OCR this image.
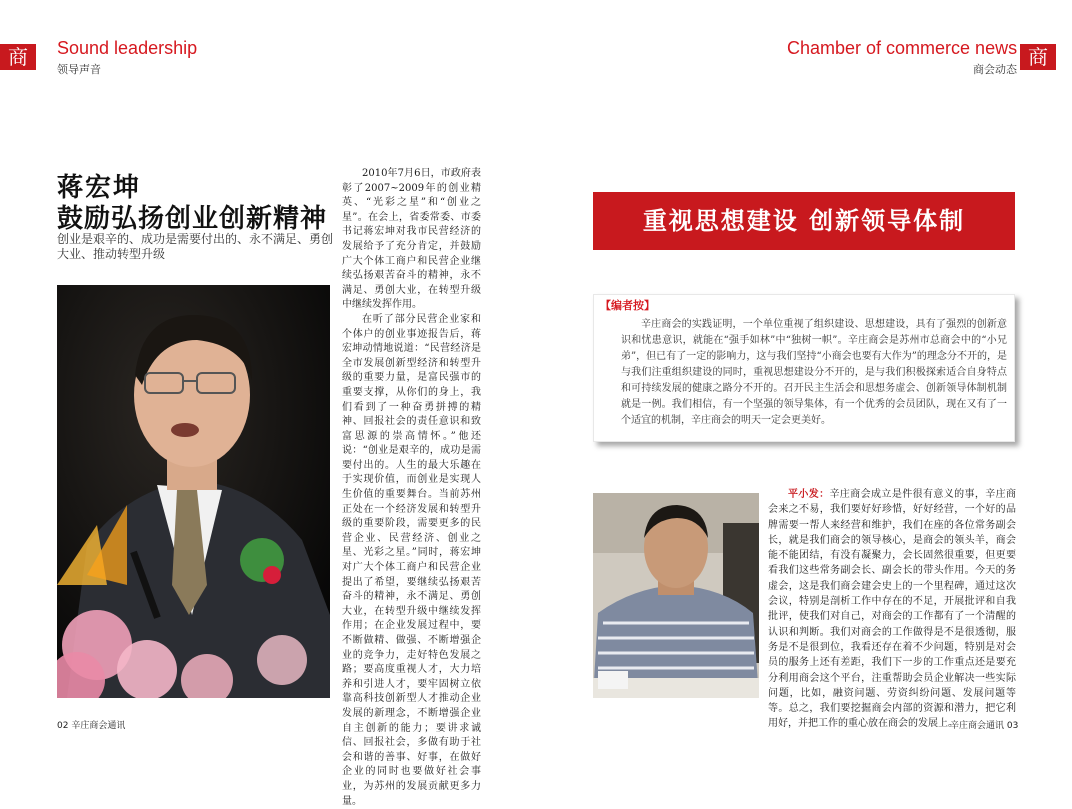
商	Sound leadership
领导声音
Chamber of commerce news
商会动态
商
蒋宏坤
鼓励弘扬创业创新精神
创业是艰辛的、成功是需要付出的、永不满足、勇创大业、推动转型升级

2010年7月6日，市政府表彰了2007~2009年的创业精英、“光彩之星”和“创业之星”。在会上，省委常委、市委书记蒋宏坤对我市民营经济的发展给予了充分肯定，并鼓励广大个体工商户和民营企业继续弘扬艰苦奋斗的精神，永不满足、勇创大业，在转型升级中继续发挥作用。

在听了部分民营企业家和个体户的创业事迹报告后，蒋宏坤动情地说道：“民营经济是全市发展创新型经济和转型升级的重要力量，是富民强市的重要支撑，从你们的身上，我们看到了一种奋勇拼搏的精神、回报社会的责任意识和致富思源的崇高情怀。”他还说：“创业是艰辛的，成功是需要付出的。人生的最大乐趣在于实现价值，而创业是实现人生价值的重要舞台。当前苏州正处在一个经济发展和转型升级的重要阶段，需要更多的民营企业、民营经济、创业之星、光彩之星。”同时，蒋宏坤对广大个体工商户和民营企业提出了希望，要继续弘扬艰苦奋斗的精神，永不满足、勇创大业，在转型升级中继续发挥作用；在企业发展过程中，要不断做精、做强、不断增强企业的竞争力，走好特色发展之路；要高度重视人才，大力培养和引进人才，要牢固树立依靠高科技创新型人才推动企业发展的新理念，不断增强企业自主创新的能力；要讲求诚信、回报社会，多做有助于社会和谐的善事、好事，在做好企业的同时也要做好社会事业，为苏州的发展贡献更多力量。

重视思想建设 创新领导体制
【编者按】

辛庄商会的实践证明，一个单位重视了组织建设、思想建设，具有了强烈的创新意识和忧患意识，就能在“强手如林”中“独树一帜”。辛庄商会是苏州市总商会中的“小兄弟”，但已有了一定的影响力，这与我们坚持“小商会也要有大作为”的理念分不开的，是与我们注重组织建设的同时，重视思想建设分不开的，是与我们积极探索适合自身特点和可持续发展的健康之路分不开的。召开民主生活会和思想务虚会、创新领导体制机制就是一例。我们相信，有一个坚强的领导集体，有一个优秀的会员团队，现在又有了一个适宜的机制，辛庄商会的明天一定会更美好。

平小发：辛庄商会成立是件很有意义的事，辛庄商会来之不易，我们要好好珍惜，好好经营，一个好的品牌需要一帮人来经营和维护，我们在座的各位常务副会长，就是我们商会的领导核心，是商会的领头羊，商会能不能团结，有没有凝聚力，会长固然很重要，但更要看我们这些常务副会长、副会长的带头作用。今天的务虚会，这是我们商会建会史上的一个里程碑，通过这次会议，特别是剖析工作中存在的不足，开展批评和自我批评，使我们对自己，对商会的工作都有了一个清醒的认识和判断。我们对商会的工作做得是不是很透彻，服务是不是很到位，我看还存在着不少问题，特别是对会员的服务上还有差距，我们下一步的工作重点还是要充分利用商会这个平台，注重帮助会员企业解决一些实际问题，比如，融资问题、劳资纠纷问题、发展问题等等。总之，我们要挖掘商会内部的资源和潜力，把它利用好，并把工作的重心放在商会的发展上。

02 辛庄商会通讯	辛庄商会通讯 03
